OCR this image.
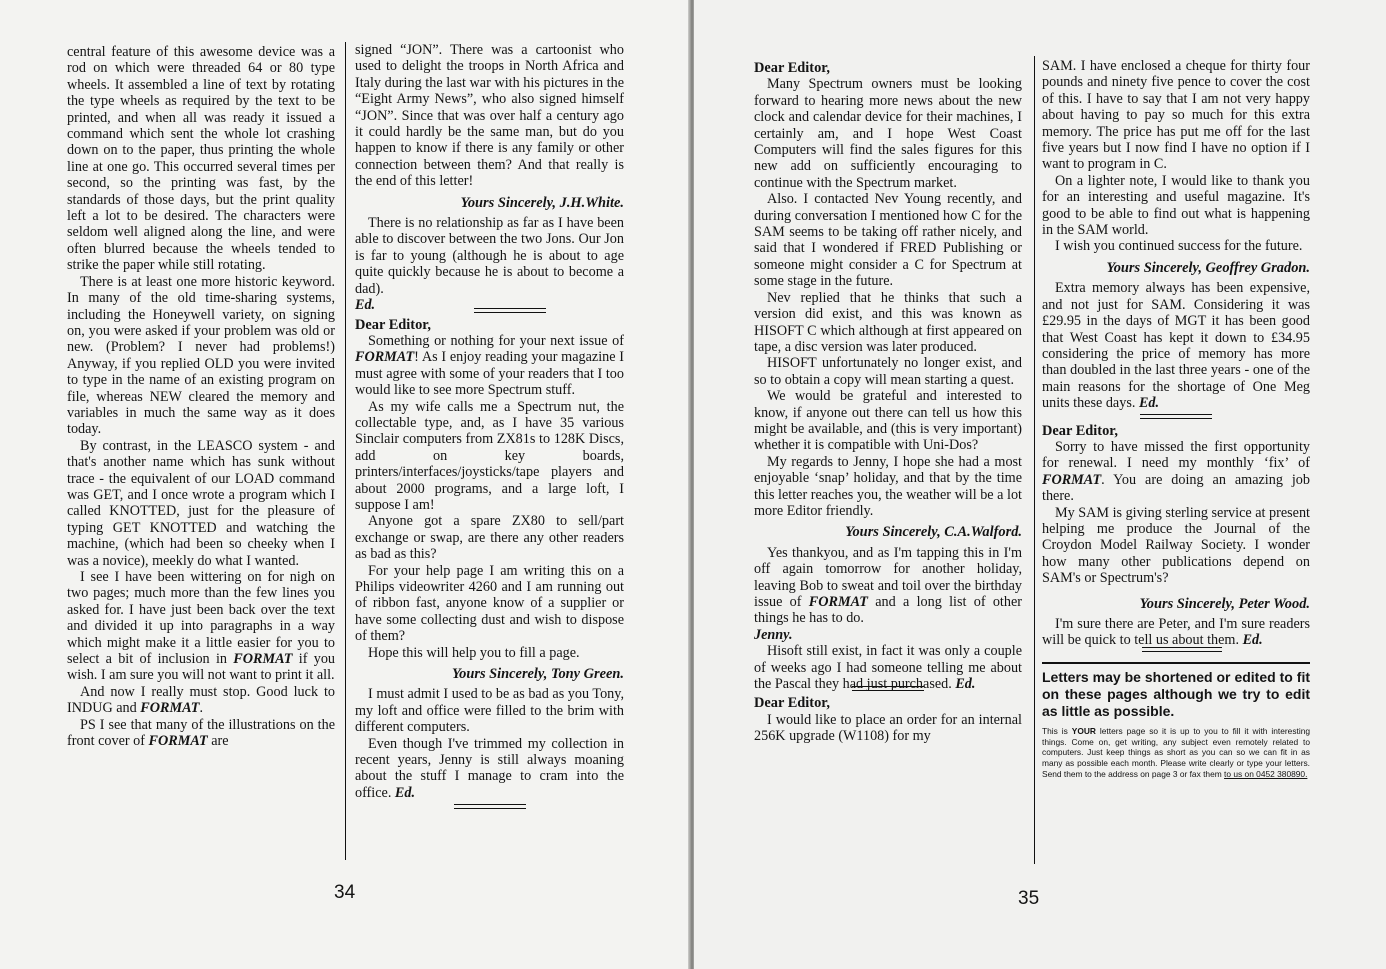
central feature of this awesome device was a rod on which were threaded 64 or 80 type wheels. It assembled a line of text by rotating the type wheels as required by the text to be printed, and when all was ready it issued a command which sent the whole lot crashing down on to the paper, thus printing the whole line at one go. This occurred several times per second, so the printing was fast, by the standards of those days, but the print quality left a lot to be desired. The characters were seldom well aligned along the line, and were often blurred because the wheels tended to strike the paper while still rotating.

There is at least one more historic keyword. In many of the old time-sharing systems, including the Honeywell variety, on signing on, you were asked if your problem was old or new. (Problem? I never had problems!) Anyway, if you replied OLD you were invited to type in the name of an existing program on file, whereas NEW cleared the memory and variables in much the same way as it does today.

By contrast, in the LEASCO system - and that's another name which has sunk without trace - the equivalent of our LOAD command was GET, and I once wrote a program which I called KNOTTED, just for the pleasure of typing GET KNOTTED and watching the machine, (which had been so cheeky when I was a novice), meekly do what I wanted.

I see I have been wittering on for nigh on two pages; much more than the few lines you asked for. I have just been back over the text and divided it up into paragraphs in a way which might make it a little easier for you to select a bit of inclusion in FORMAT if you wish. I am sure you will not want to print it all.

And now I really must stop. Good luck to INDUG and FORMAT.

PS I see that many of the illustrations on the front cover of FORMAT are

signed “JON”. There was a cartoonist who used to delight the troops in North Africa and Italy during the last war with his pictures in the “Eight Army News”, who also signed himself “JON”. Since that was over half a century ago it could hardly be the same man, but do you happen to know if there is any family or other connection between them? And that really is the end of this letter!

Yours Sincerely, J.H.White.

There is no relationship as far as I have been able to discover between the two Jons. Our Jon is far to young (although he is about to age quite quickly because he is about to become a dad).

Ed.

Dear Editor,

Something or nothing for your next issue of FORMAT! As I enjoy reading your magazine I must agree with some of your readers that I too would like to see more Spectrum stuff.

As my wife calls me a Spectrum nut, the collectable type, and, as I have 35 various Sinclair computers from ZX81s to 128K Discs, add on key boards, printers/interfaces/joysticks/tape players and about 2000 programs, and a large loft, I suppose I am!

Anyone got a spare ZX80 to sell/part exchange or swap, are there any other readers as bad as this?

For your help page I am writing this on a Philips videowriter 4260 and I am running out of ribbon fast, anyone know of a supplier or have some collecting dust and wish to dispose of them?

Hope this will help you to fill a page.

Yours Sincerely, Tony Green.

I must admit I used to be as bad as you Tony, my loft and office were filled to the brim with different computers.

Even though I've trimmed my collection in recent years, Jenny is still always moaning about the stuff I manage to cram into the office. Ed.

34
Dear Editor,

Many Spectrum owners must be looking forward to hearing more news about the new clock and calendar device for their machines, I certainly am, and I hope West Coast Computers will find the sales figures for this new add on sufficiently encouraging to continue with the Spectrum market.

Also. I contacted Nev Young recently, and during conversation I mentioned how C for the SAM seems to be taking off rather nicely, and said that I wondered if FRED Publishing or someone might consider a C for Spectrum at some stage in the future.

Nev replied that he thinks that such a version did exist, and this was known as HISOFT C which although at first appeared on tape, a disc version was later produced.

HISOFT unfortunately no longer exist, and so to obtain a copy will mean starting a quest.

We would be grateful and interested to know, if anyone out there can tell us how this might be available, and (this is very important) whether it is compatible with Uni-Dos?

My regards to Jenny, I hope she had a most enjoyable ‘snap’ holiday, and that by the time this letter reaches you, the weather will be a lot more Editor friendly.

Yours Sincerely, C.A.Walford.

Yes thankyou, and as I'm tapping this in I'm off again tomorrow for another holiday, leaving Bob to sweat and toil over the birthday issue of FORMAT and a long list of other things he has to do.

Jenny.

Hisoft still exist, in fact it was only a couple of weeks ago I had someone telling me about the Pascal they had just purchased. Ed.

Dear Editor,

I would like to place an order for an internal 256K upgrade (W1108) for my

SAM. I have enclosed a cheque for thirty four pounds and ninety five pence to cover the cost of this. I have to say that I am not very happy about having to pay so much for this extra memory. The price has put me off for the last five years but I now find I have no option if I want to program in C.

On a lighter note, I would like to thank you for an interesting and useful magazine. It's good to be able to find out what is happening in the SAM world.

I wish you continued success for the future.

Yours Sincerely, Geoffrey Gradon.

Extra memory always has been expensive, and not just for SAM. Considering it was £29.95 in the days of MGT it has been good that West Coast has kept it down to £34.95 considering the price of memory has more than doubled in the last three years - one of the main reasons for the shortage of One Meg units these days. Ed.

Dear Editor,

Sorry to have missed the first opportunity for renewal. I need my monthly ‘fix’ of FORMAT. You are doing an amazing job there.

My SAM is giving sterling service at present helping me produce the Journal of the Croydon Model Railway Society. I wonder how many other publications depend on SAM's or Spectrum's?

Yours Sincerely, Peter Wood.

I'm sure there are Peter, and I'm sure readers will be quick to tell us about them. Ed.

Letters may be shortened or edited to fit on these pages although we try to edit as little as possible.
This is YOUR letters page so it is up to you to fill it with interesting things. Come on, get writing, any subject even remotely related to computers. Just keep things as short as you can so we can fit in as many as possible each month. Please write clearly or type your letters. Send them to the address on page 3 or fax them to us on 0452 380890.
35
